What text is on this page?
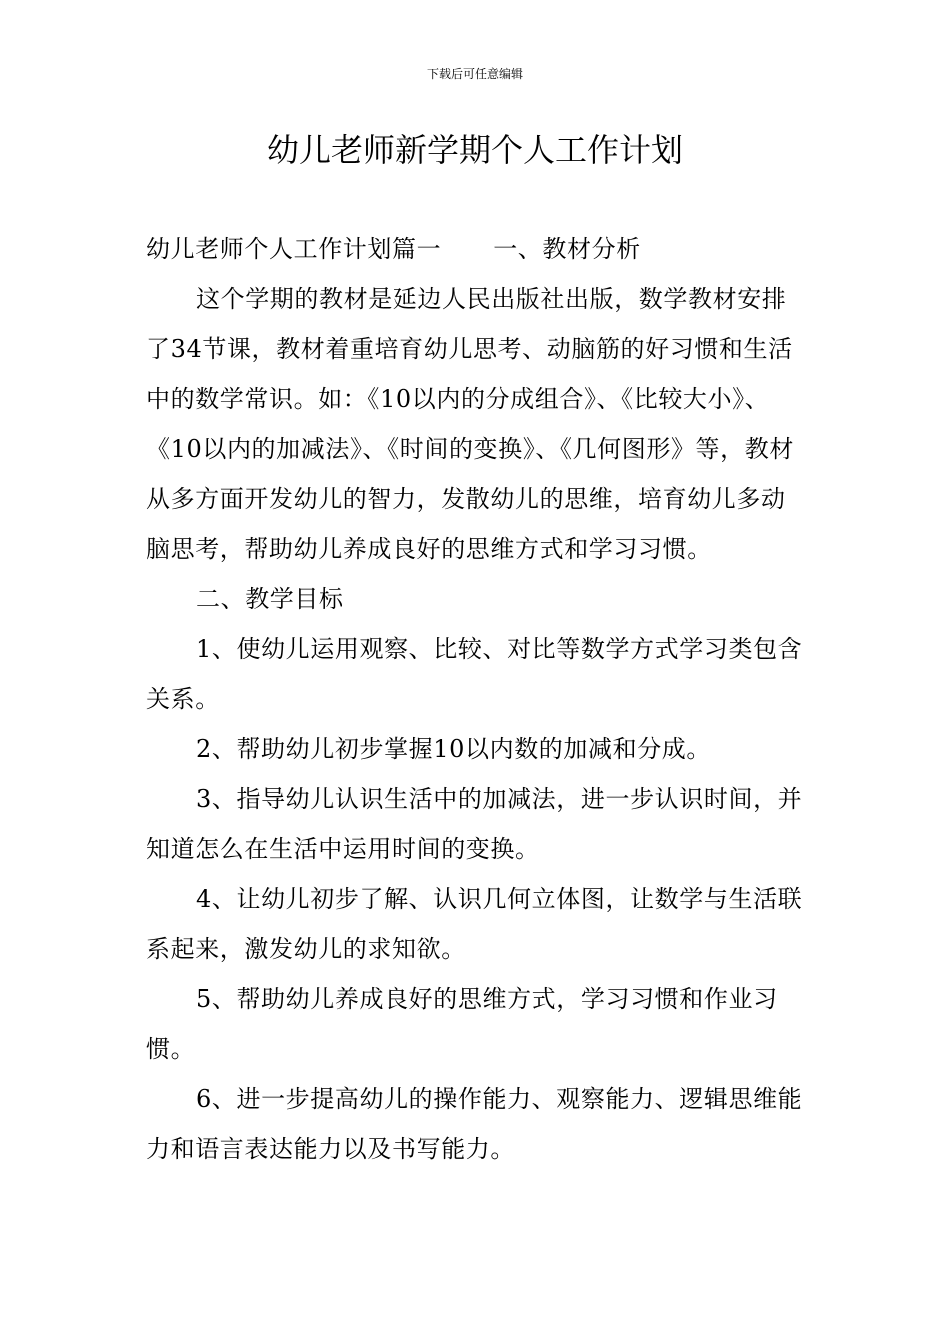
下载后可任意编辑
幼儿老师新学期个人工作计划

幼儿老师个人工作计划篇一 一、教材分析

这个学期的教材是延边人民出版社出版，数学教材安排了34节课，教材着重培育幼儿思考、动脑筋的好习惯和生活中的数学常识。如：《10以内的分成组合》、《比较大小》、《10以内的加减法》、《时间的变换》、《几何图形》等，教材从多方面开发幼儿的智力，发散幼儿的思维，培育幼儿多动脑思考，帮助幼儿养成良好的思维方式和学习习惯。

二、教学目标

1、使幼儿运用观察、比较、对比等数学方式学习类包含关系。

2、帮助幼儿初步掌握10以内数的加减和分成。

3、指导幼儿认识生活中的加减法，进一步认识时间，并知道怎么在生活中运用时间的变换。

4、让幼儿初步了解、认识几何立体图，让数学与生活联系起来，激发幼儿的求知欲。

5、帮助幼儿养成良好的思维方式，学习习惯和作业习惯。

6、进一步提高幼儿的操作能力、观察能力、逻辑思维能力和语言表达能力以及书写能力。
